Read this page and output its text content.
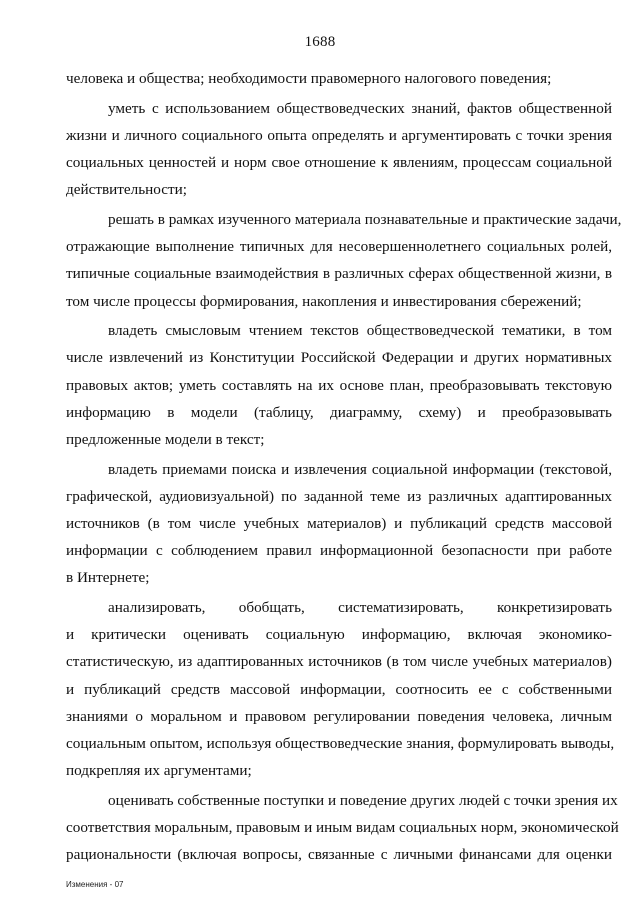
1688
человека и общества; необходимости правомерного налогового поведения;
уметь с использованием обществоведческих знаний, фактов общественной
жизни и личного социального опыта определять и аргументировать с точки зрения
социальных ценностей и норм свое отношение к явлениям, процессам социальной
действительности;
решать в рамках изученного материала познавательные и практические задачи,
отражающие выполнение типичных для несовершеннолетнего социальных ролей,
типичные социальные взаимодействия в различных сферах общественной жизни, в
том числе процессы формирования, накопления и инвестирования сбережений;
владеть смысловым чтением текстов обществоведческой тематики, в том
числе извлечений из Конституции Российской Федерации и других нормативных
правовых актов; уметь составлять на их основе план, преобразовывать текстовую
информацию в модели (таблицу, диаграмму, схему) и преобразовывать
предложенные модели в текст;
владеть приемами поиска и извлечения социальной информации (текстовой,
графической, аудиовизуальной) по заданной теме из различных адаптированных
источников (в том числе учебных материалов) и публикаций средств массовой
информации с соблюдением правил информационной безопасности при работе
в Интернете;
анализировать, обобщать, систематизировать, конкретизировать
и критически оценивать социальную информацию, включая экономико-
статистическую, из адаптированных источников (в том числе учебных материалов)
и публикаций средств массовой информации, соотносить ее с собственными
знаниями о моральном и правовом регулировании поведения человека, личным
социальным опытом, используя обществоведческие знания, формулировать выводы,
подкрепляя их аргументами;
оценивать собственные поступки и поведение других людей с точки зрения их
соответствия моральным, правовым и иным видам социальных норм, экономической
рациональности (включая вопросы, связанные с личными финансами для оценки
Изменения - 07
